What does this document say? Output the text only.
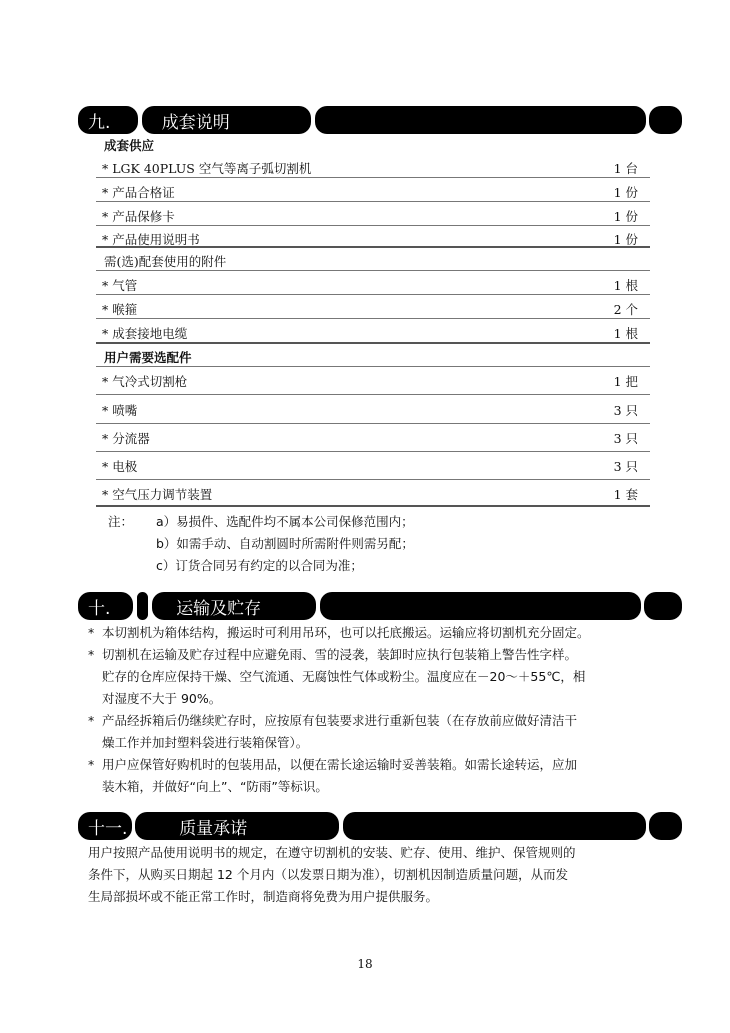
九.	成套说明
成套供应
* LGK 40PLUS 空气等离子弧切割机	1 台
* 产品合格证	1 份
* 产品保修卡	1 份
* 产品使用说明书	1 份
需(选)配套使用的附件
* 气管	1 根
* 喉箍	2 个
* 成套接地电缆	1 根
用户需要选配件
* 气冷式切割枪	1 把
* 喷嘴	3 只
* 分流器	3 只
* 电极	3 只
* 空气压力调节装置	1 套
注： a）易损件、选配件均不属本公司保修范围内；
b）如需手动、自动割圆时所需附件则需另配；
c）订货合同另有约定的以合同为准；
十.	运输及贮存
* 本切割机为箱体结构，搬运时可利用吊环，也可以托底搬运。运输应将切割机充分固定。
* 切割机在运输及贮存过程中应避免雨、雪的浸袭，装卸时应执行包装箱上警告性字样。
贮存的仓库应保持干燥、空气流通、无腐蚀性气体或粉尘。温度应在－20～＋55℃，相
对湿度不大于 90%。
* 产品经拆箱后仍继续贮存时，应按原有包装要求进行重新包装（在存放前应做好清洁干
燥工作并加封塑料袋进行装箱保管）。
* 用户应保管好购机时的包装用品，以便在需长途运输时妥善装箱。如需长途转运，应加
装木箱，并做好“向上”、“防雨”等标识。
十一.	质量承诺
用户按照产品使用说明书的规定，在遵守切割机的安装、贮存、使用、维护、保管规则的
条件下，从购买日期起 12 个月内（以发票日期为准），切割机因制造质量问题，从而发
生局部损坏或不能正常工作时，制造商将免费为用户提供服务。
18
